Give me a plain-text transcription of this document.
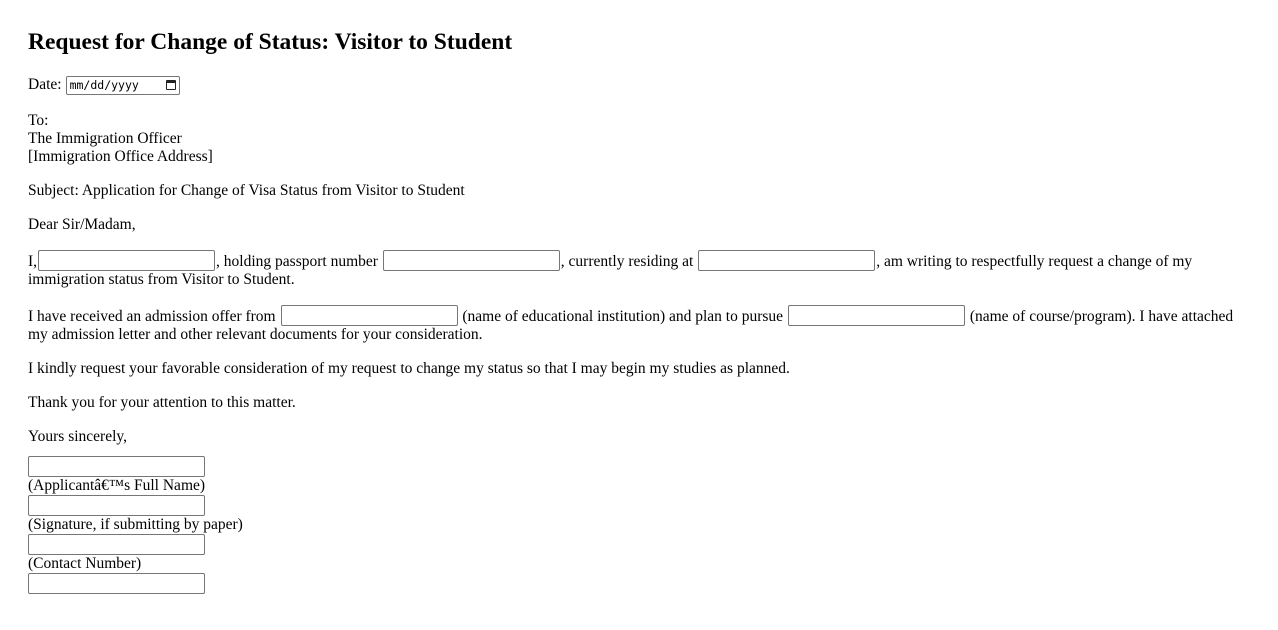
Request for Change of Status: Visitor to Student
Date: mm/dd/yyyy

To:

The Immigration Officer

[Immigration Office Address]

Subject: Application for Change of Visa Status from Visitor to Student

Dear Sir/Madam,

I,	, holding passport number	, currently residing at	, am writing to respectfully request a change of my immigration status from Visitor to Student.

I have received an admission offer from	(name of educational institution) and plan to pursue	(name of course/program). I have attached my admission letter and other relevant documents for your consideration.

I kindly request your favorable consideration of my request to change my status so that I may begin my studies as planned.

Thank you for your attention to this matter.

Yours sincerely,

(Applicantâ€™s Full Name)
(Signature, if submitting by paper)
(Contact Number)
